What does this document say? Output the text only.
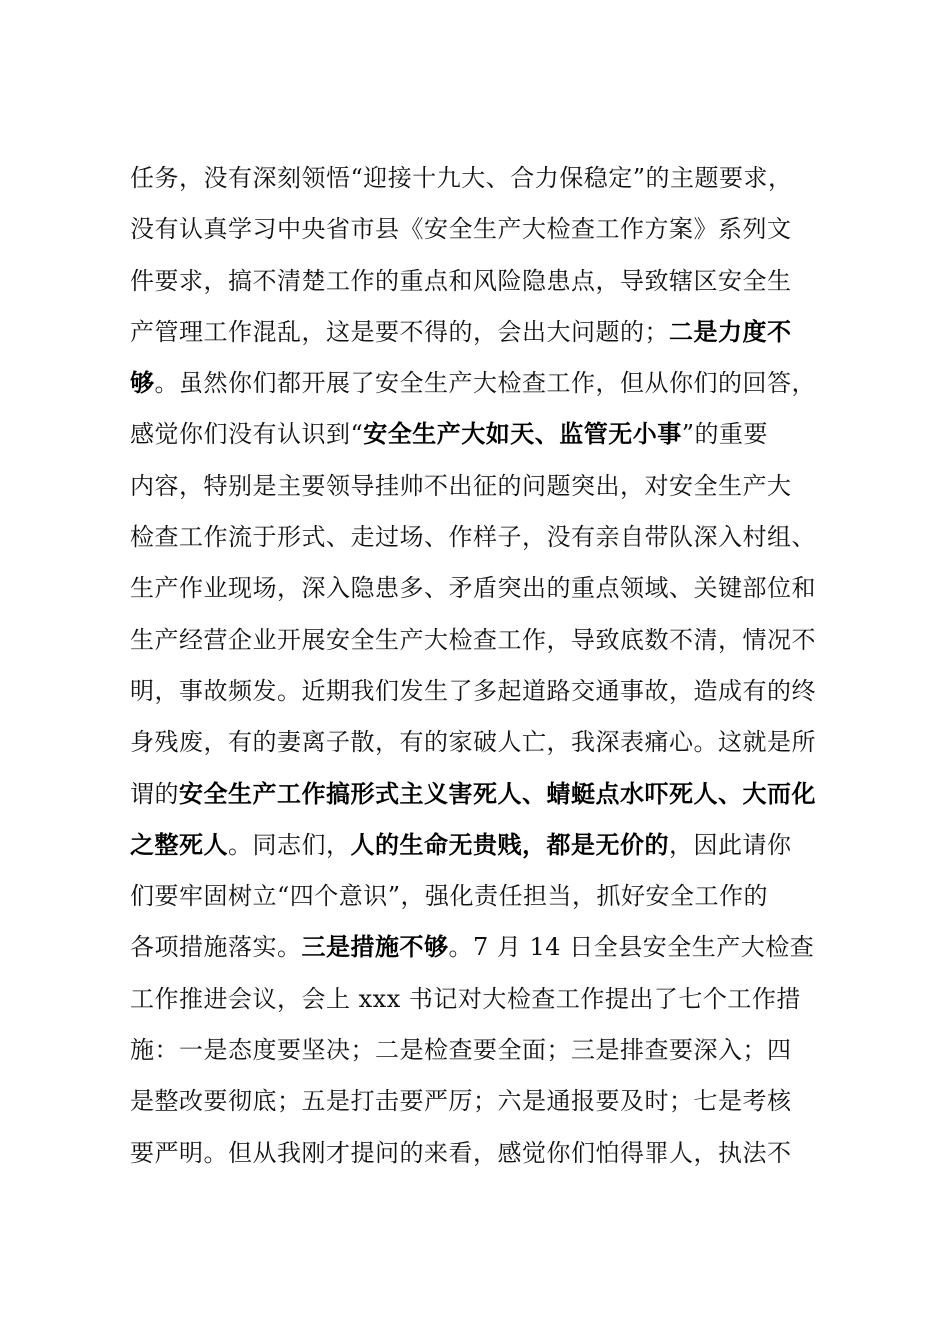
任务，没有深刻领悟“迎接十九大、合力保稳定”的主题要求，
没有认真学习中央省市县《安全生产大检查工作方案》系列文
件要求，搞不清楚工作的重点和风险隐患点，导致辖区安全生
产管理工作混乱，这是要不得的，会出大问题的；二是力度不
够。虽然你们都开展了安全生产大检查工作，但从你们的回答，
感觉你们没有认识到“安全生产大如天、监管无小事”的重要
内容，特别是主要领导挂帅不出征的问题突出，对安全生产大
检查工作流于形式、走过场、作样子，没有亲自带队深入村组、
生产作业现场，深入隐患多、矛盾突出的重点领域、关键部位和
生产经营企业开展安全生产大检查工作，导致底数不清，情况不
明，事故频发。近期我们发生了多起道路交通事故，造成有的终
身残废，有的妻离子散，有的家破人亡，我深表痛心。这就是所
谓的安全生产工作搞形式主义害死人、蜻蜓点水吓死人、大而化
之整死人。同志们，人的生命无贵贱，都是无价的，因此请你
们要牢固树立“四个意识”，强化责任担当，抓好安全工作的
各项措施落实。三是措施不够。7 月 14 日全县安全生产大检查
工作推进会议，会上 xxx 书记对大检查工作提出了七个工作措
施：一是态度要坚决；二是检查要全面；三是排查要深入；四
是整改要彻底；五是打击要严厉；六是通报要及时；七是考核
要严明。但从我刚才提问的来看，感觉你们怕得罪人，执法不
